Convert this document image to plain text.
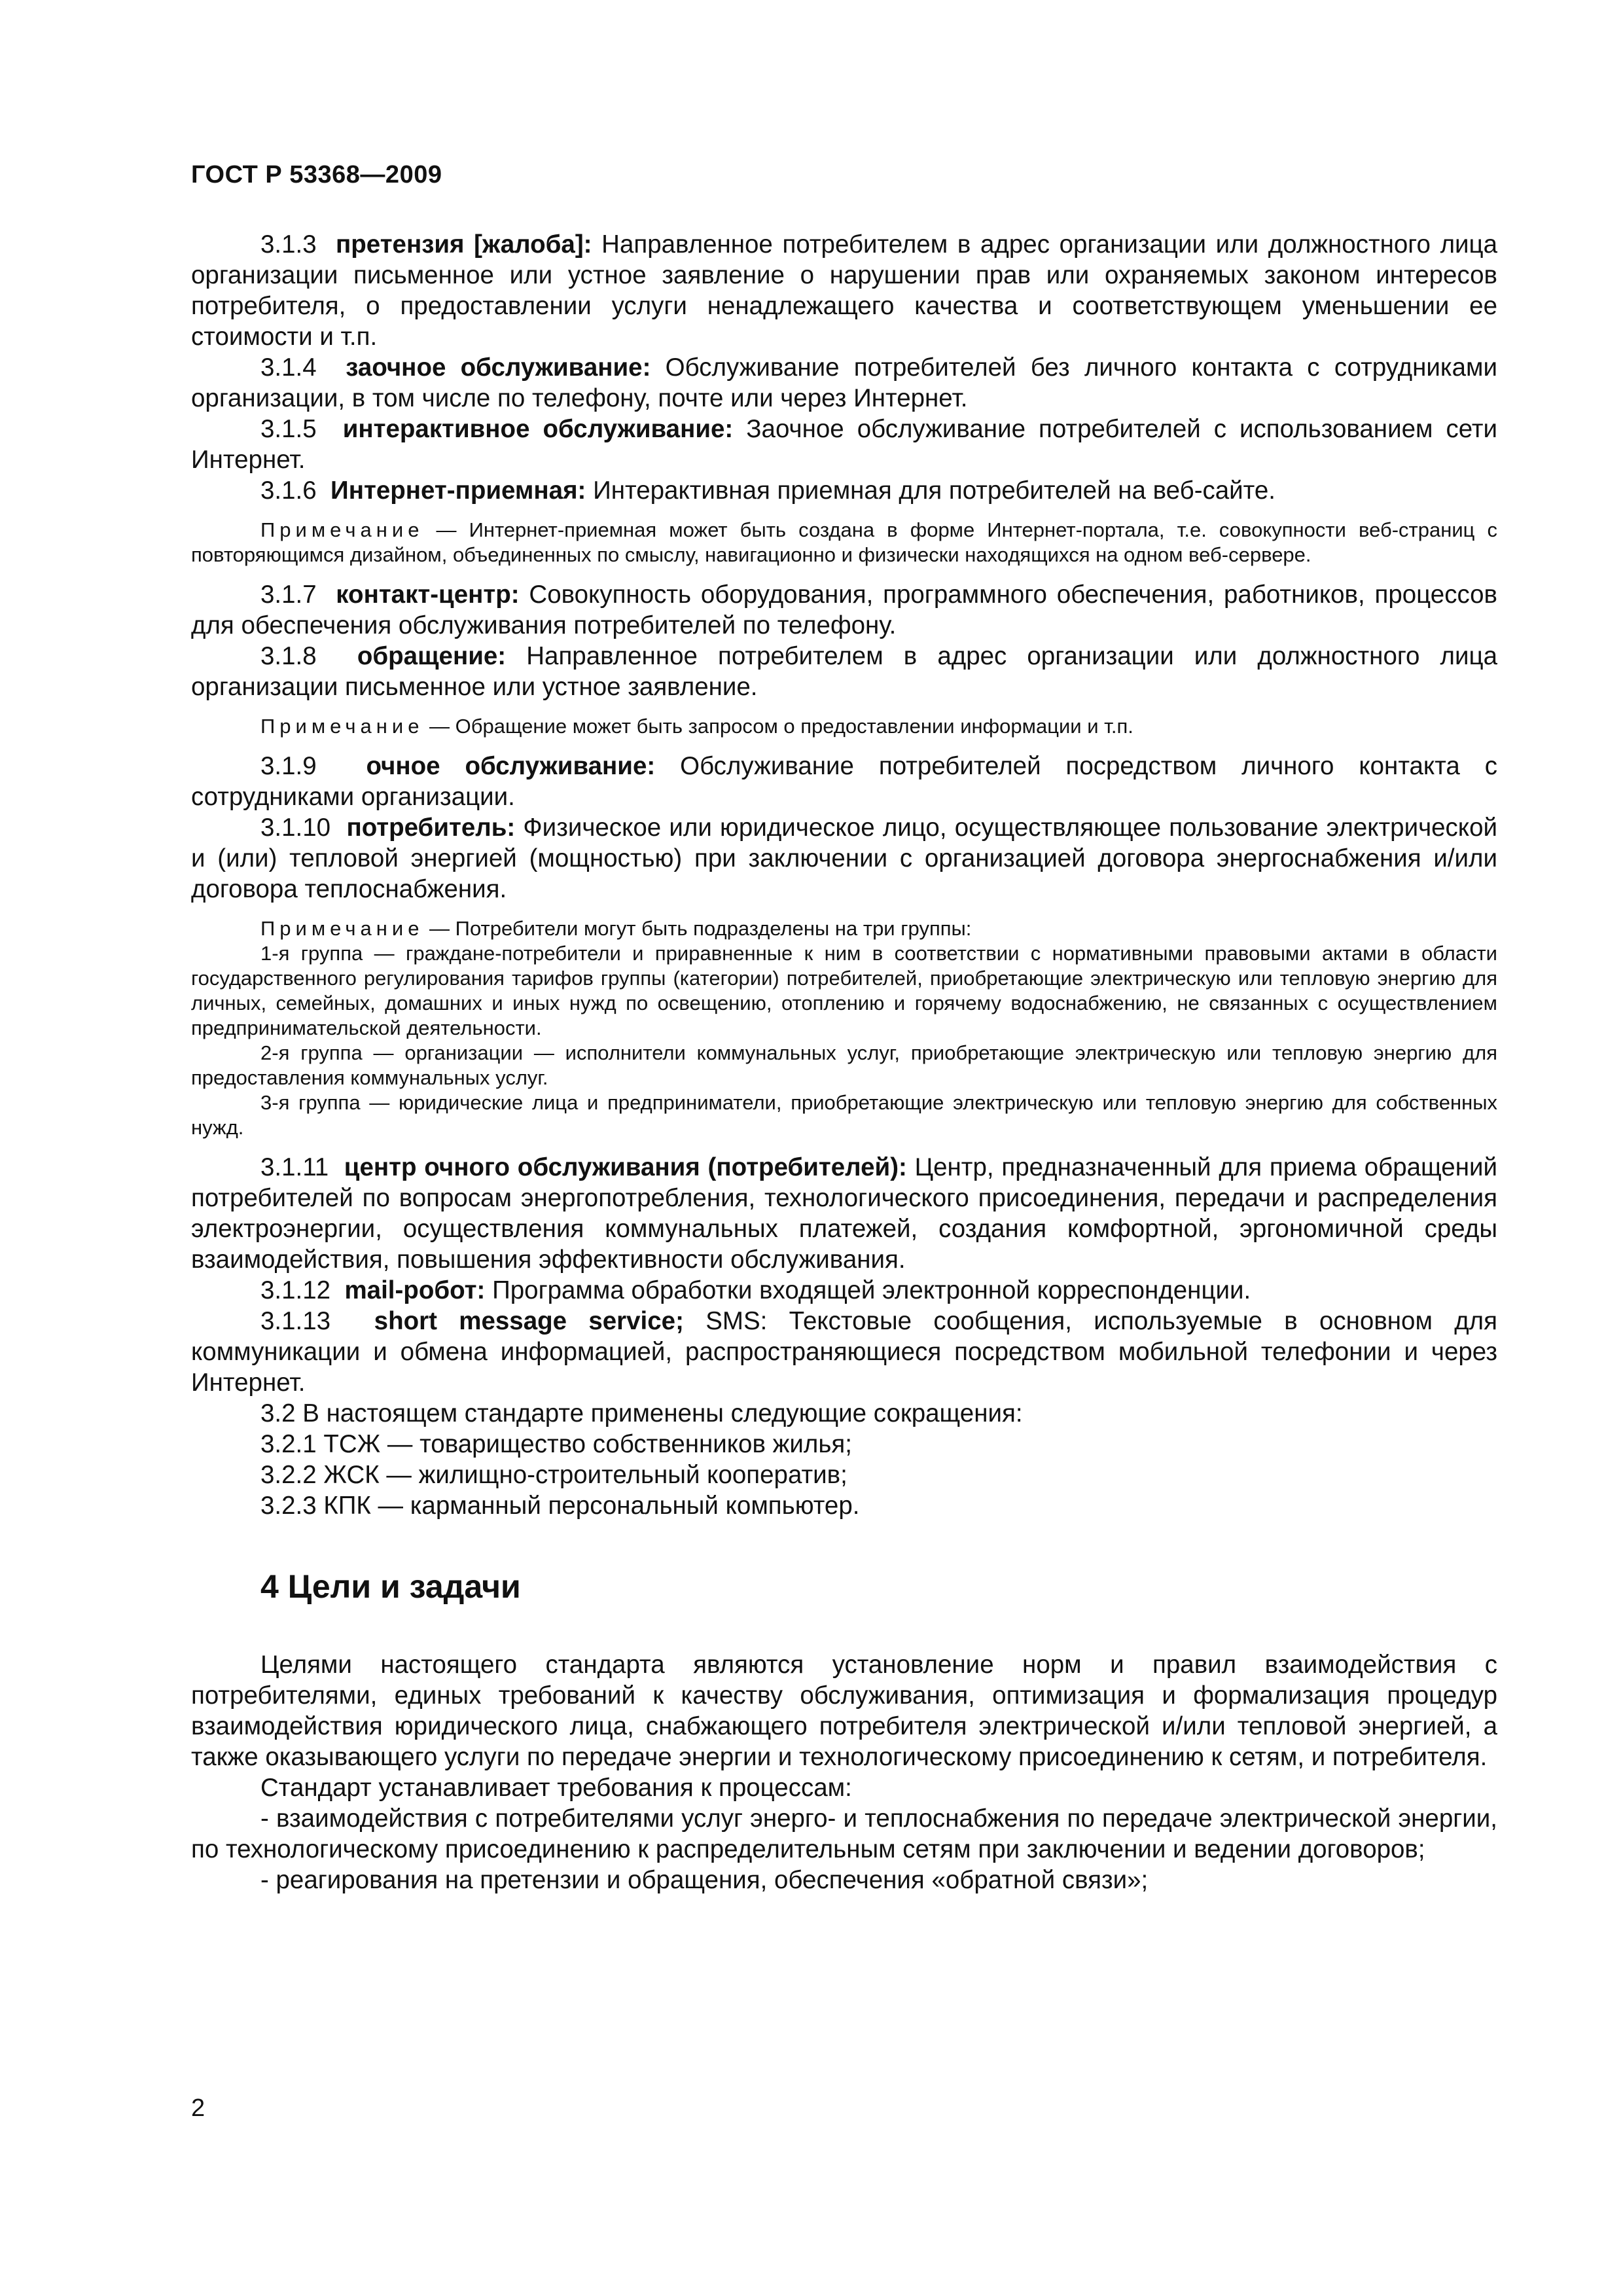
ГОСТ Р 53368—2009

3.1.3 претензия [жалоба]: Направленное потребителем в адрес организации или должностного лица организации письменное или устное заявление о нарушении прав или охраняемых законом интересов потребителя, о предоставлении услуги ненадлежащего качества и соответствующем уменьшении ее стоимости и т.п.

3.1.4 заочное обслуживание: Обслуживание потребителей без личного контакта с сотрудниками организации, в том числе по телефону, почте или через Интернет.

3.1.5 интерактивное обслуживание: Заочное обслуживание потребителей с использованием сети Интернет.

3.1.6 Интернет-приемная: Интерактивная приемная для потребителей на веб-сайте.

Примечание — Интернет-приемная может быть создана в форме Интернет-портала, т.е. совокупности веб-страниц с повторяющимся дизайном, объединенных по смыслу, навигационно и физически находящихся на одном веб-сервере.

3.1.7 контакт-центр: Совокупность оборудования, программного обеспечения, работников, процессов для обеспечения обслуживания потребителей по телефону.

3.1.8 обращение: Направленное потребителем в адрес организации или должностного лица организации письменное или устное заявление.

Примечание — Обращение может быть запросом о предоставлении информации и т.п.

3.1.9 очное обслуживание: Обслуживание потребителей посредством личного контакта с сотрудниками организации.

3.1.10 потребитель: Физическое или юридическое лицо, осуществляющее пользование электрической и (или) тепловой энергией (мощностью) при заключении с организацией договора энергоснабжения и/или договора теплоснабжения.

Примечание — Потребители могут быть подразделены на три группы:

1-я группа — граждане-потребители и приравненные к ним в соответствии с нормативными правовыми актами в области государственного регулирования тарифов группы (категории) потребителей, приобретающие электрическую или тепловую энергию для личных, семейных, домашних и иных нужд по освещению, отоплению и горячему водоснабжению, не связанных с осуществлением предпринимательской деятельности.

2-я группа — организации — исполнители коммунальных услуг, приобретающие электрическую или тепловую энергию для предоставления коммунальных услуг.

3-я группа — юридические лица и предприниматели, приобретающие электрическую или тепловую энергию для собственных нужд.

3.1.11 центр очного обслуживания (потребителей): Центр, предназначенный для приема обращений потребителей по вопросам энергопотребления, технологического присоединения, передачи и распределения электроэнергии, осуществления коммунальных платежей, создания комфортной, эргономичной среды взаимодействия, повышения эффективности обслуживания.

3.1.12 mail-робот: Программа обработки входящей электронной корреспонденции.

3.1.13 short message service; SMS: Текстовые сообщения, используемые в основном для коммуникации и обмена информацией, распространяющиеся посредством мобильной телефонии и через Интернет.

3.2 В настоящем стандарте применены следующие сокращения:

3.2.1 ТСЖ — товарищество собственников жилья;

3.2.2 ЖСК — жилищно-строительный кооператив;

3.2.3 КПК — карманный персональный компьютер.

4 Цели и задачи

Целями настоящего стандарта являются установление норм и правил взаимодействия с потребителями, единых требований к качеству обслуживания, оптимизация и формализация процедур взаимодействия юридического лица, снабжающего потребителя электрической и/или тепловой энергией, а также оказывающего услуги по передаче энергии и технологическому присоединению к сетям, и потребителя.

Стандарт устанавливает требования к процессам:

- взаимодействия с потребителями услуг энерго- и теплоснабжения по передаче электрической энергии, по технологическому присоединению к распределительным сетям при заключении и ведении договоров;

- реагирования на претензии и обращения, обеспечения «обратной связи»;

2
